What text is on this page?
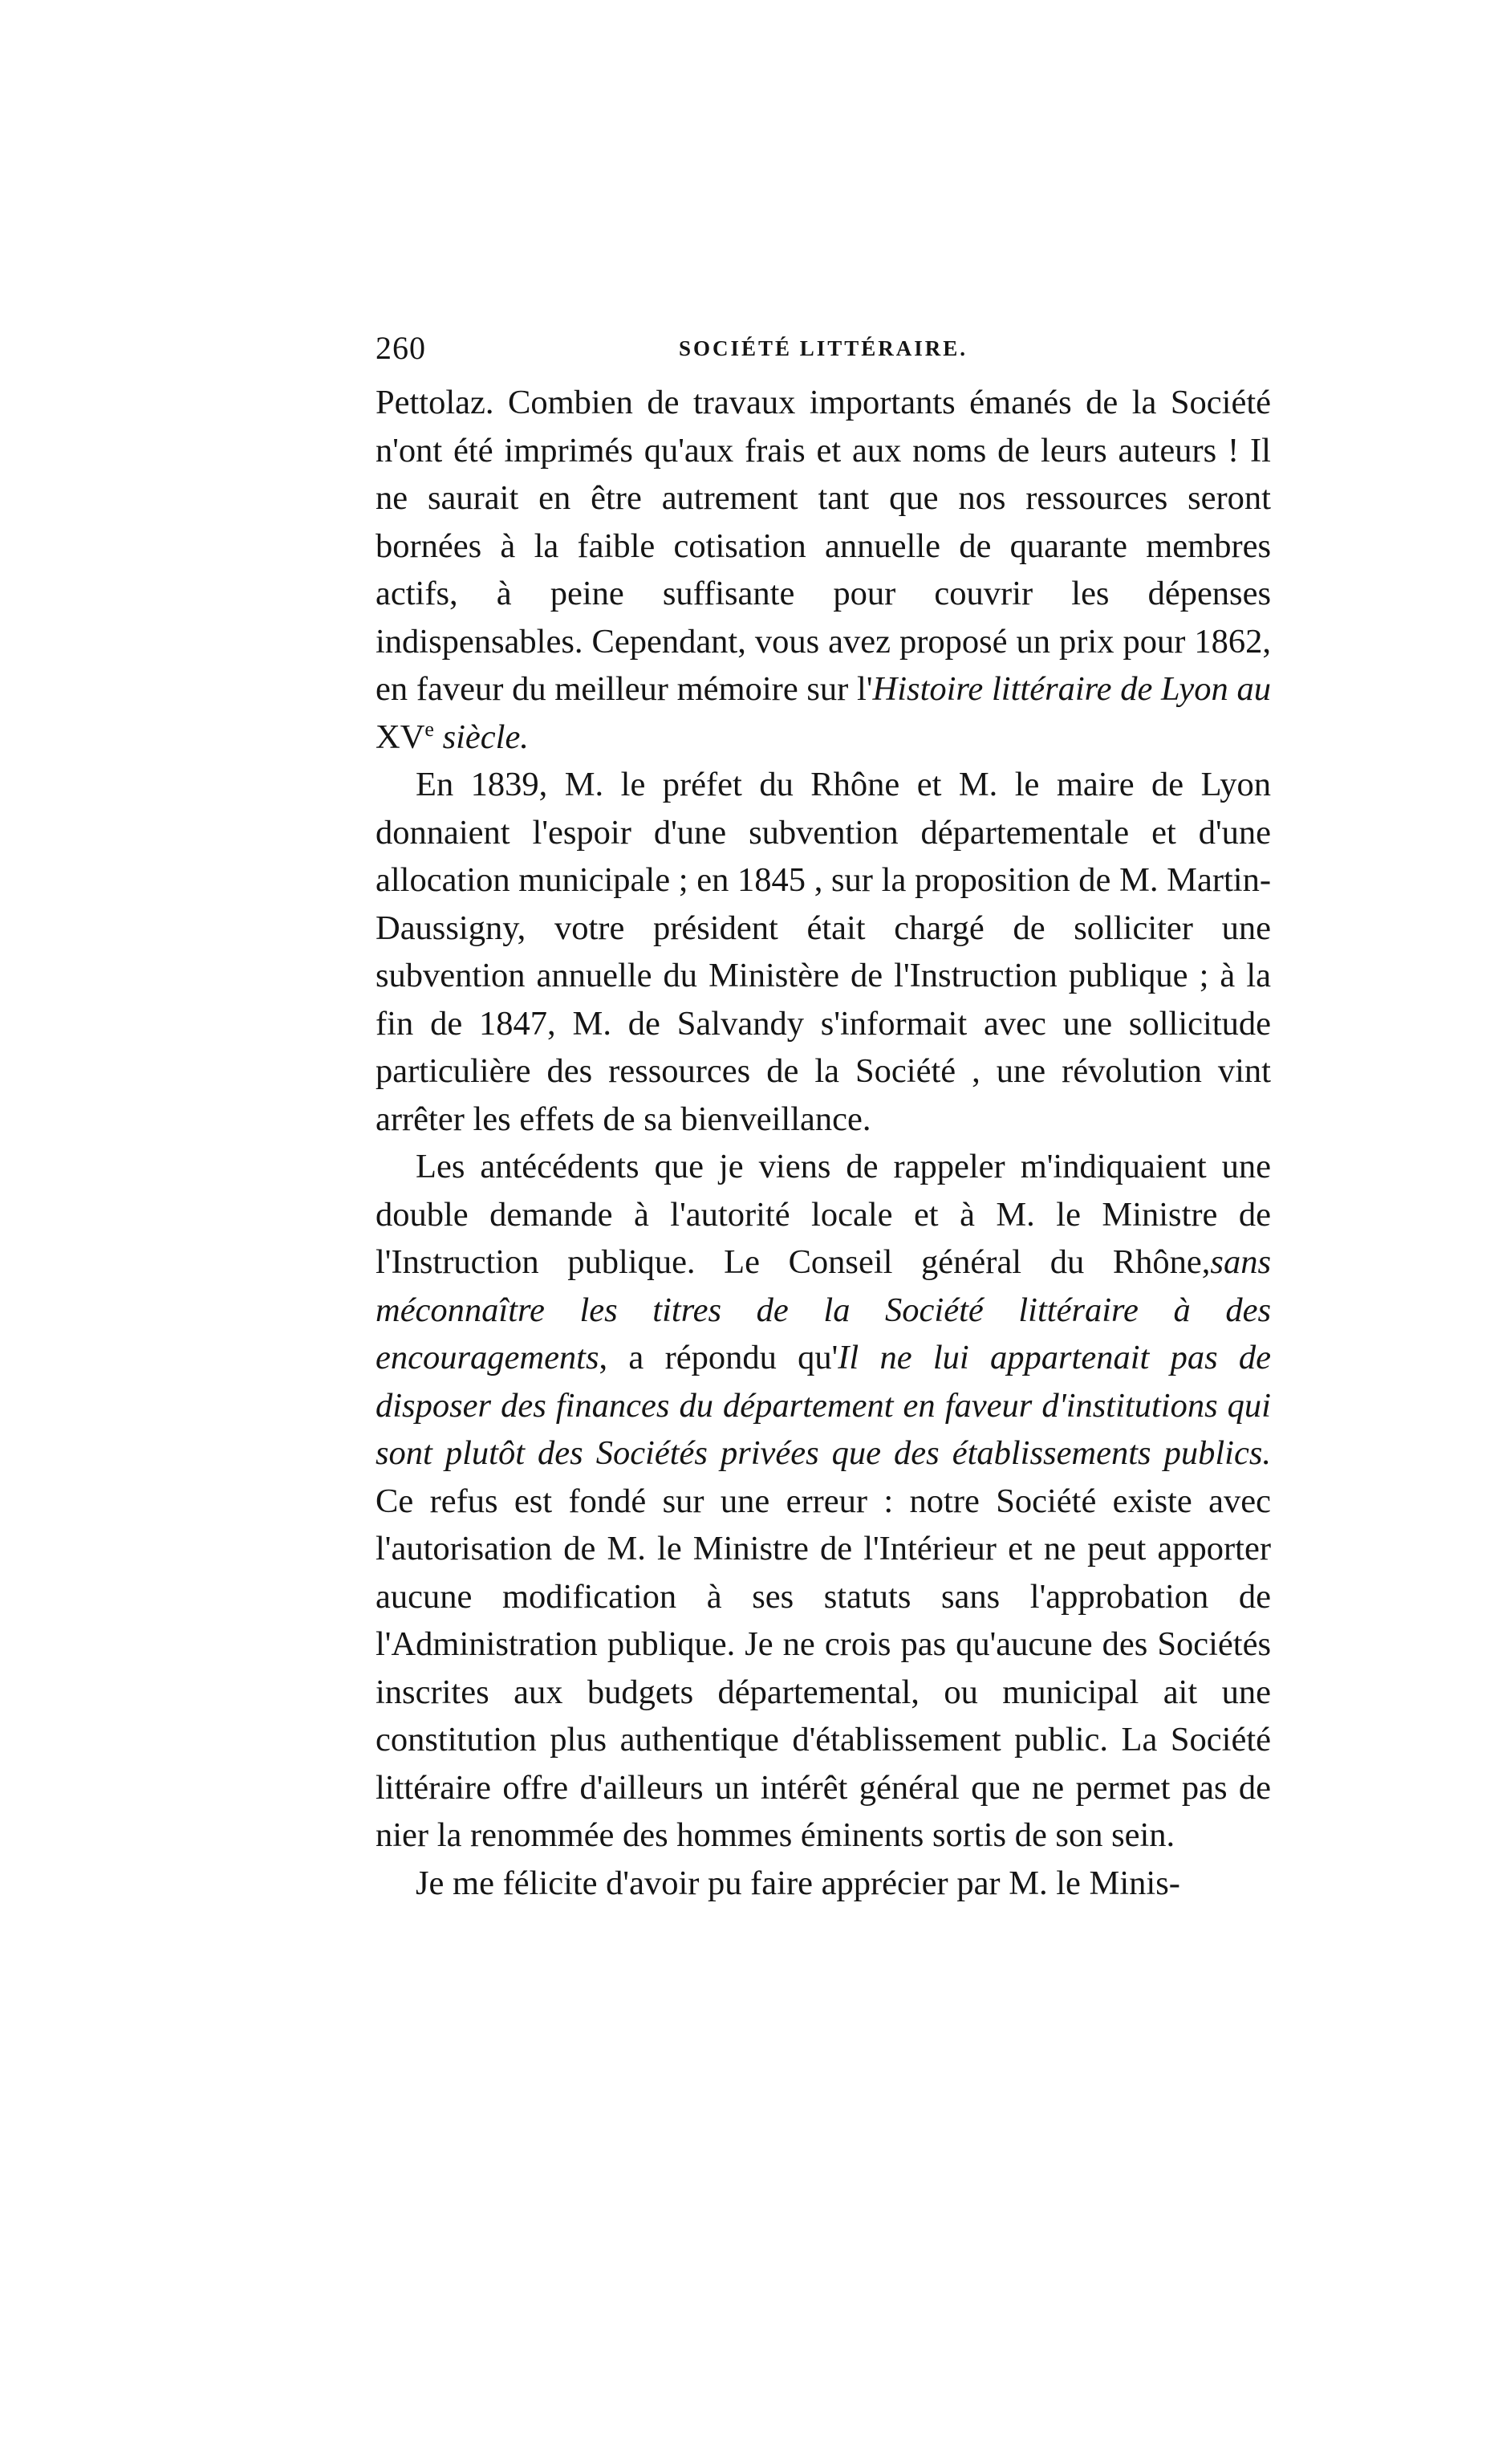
260	SOCIÉTÉ LITTÉRAIRE.

Pettolaz. Combien de travaux importants émanés de la Société n'ont été imprimés qu'aux frais et aux noms de leurs auteurs ! Il ne saurait en être autrement tant que nos ressources seront bornées à la faible cotisation annuelle de quarante membres actifs, à peine suffisante pour couvrir les dépenses indispensables. Cependant, vous avez proposé un prix pour 1862, en faveur du meilleur mémoire sur l'Histoire littéraire de Lyon au XVe siècle.

En 1839, M. le préfet du Rhône et M. le maire de Lyon donnaient l'espoir d'une subvention départementale et d'une allocation municipale ; en 1845 , sur la proposition de M. Martin-Daussigny, votre président était chargé de solliciter une subvention annuelle du Ministère de l'Instruction publique ; à la fin de 1847, M. de Salvandy s'informait avec une sollicitude particulière des ressources de la Société , une révolution vint arrêter les effets de sa bienveillance.

Les antécédents que je viens de rappeler m'indiquaient une double demande à l'autorité locale et à M. le Ministre de l'Instruction publique. Le Conseil général du Rhône,sans méconnaître les titres de la Société littéraire à des encouragements, a répondu qu'Il ne lui appartenait pas de disposer des finances du département en faveur d'institutions qui sont plutôt des Sociétés privées que des établissements publics. Ce refus est fondé sur une erreur : notre Société existe avec l'autorisation de M. le Ministre de l'Intérieur et ne peut apporter aucune modification à ses statuts sans l'approbation de l'Administration publique. Je ne crois pas qu'aucune des Sociétés inscrites aux budgets départemental, ou municipal ait une constitution plus authentique d'établissement public. La Société littéraire offre d'ailleurs un intérêt général que ne permet pas de nier la renommée des hommes éminents sortis de son sein.

Je me félicite d'avoir pu faire apprécier par M. le Minis-
